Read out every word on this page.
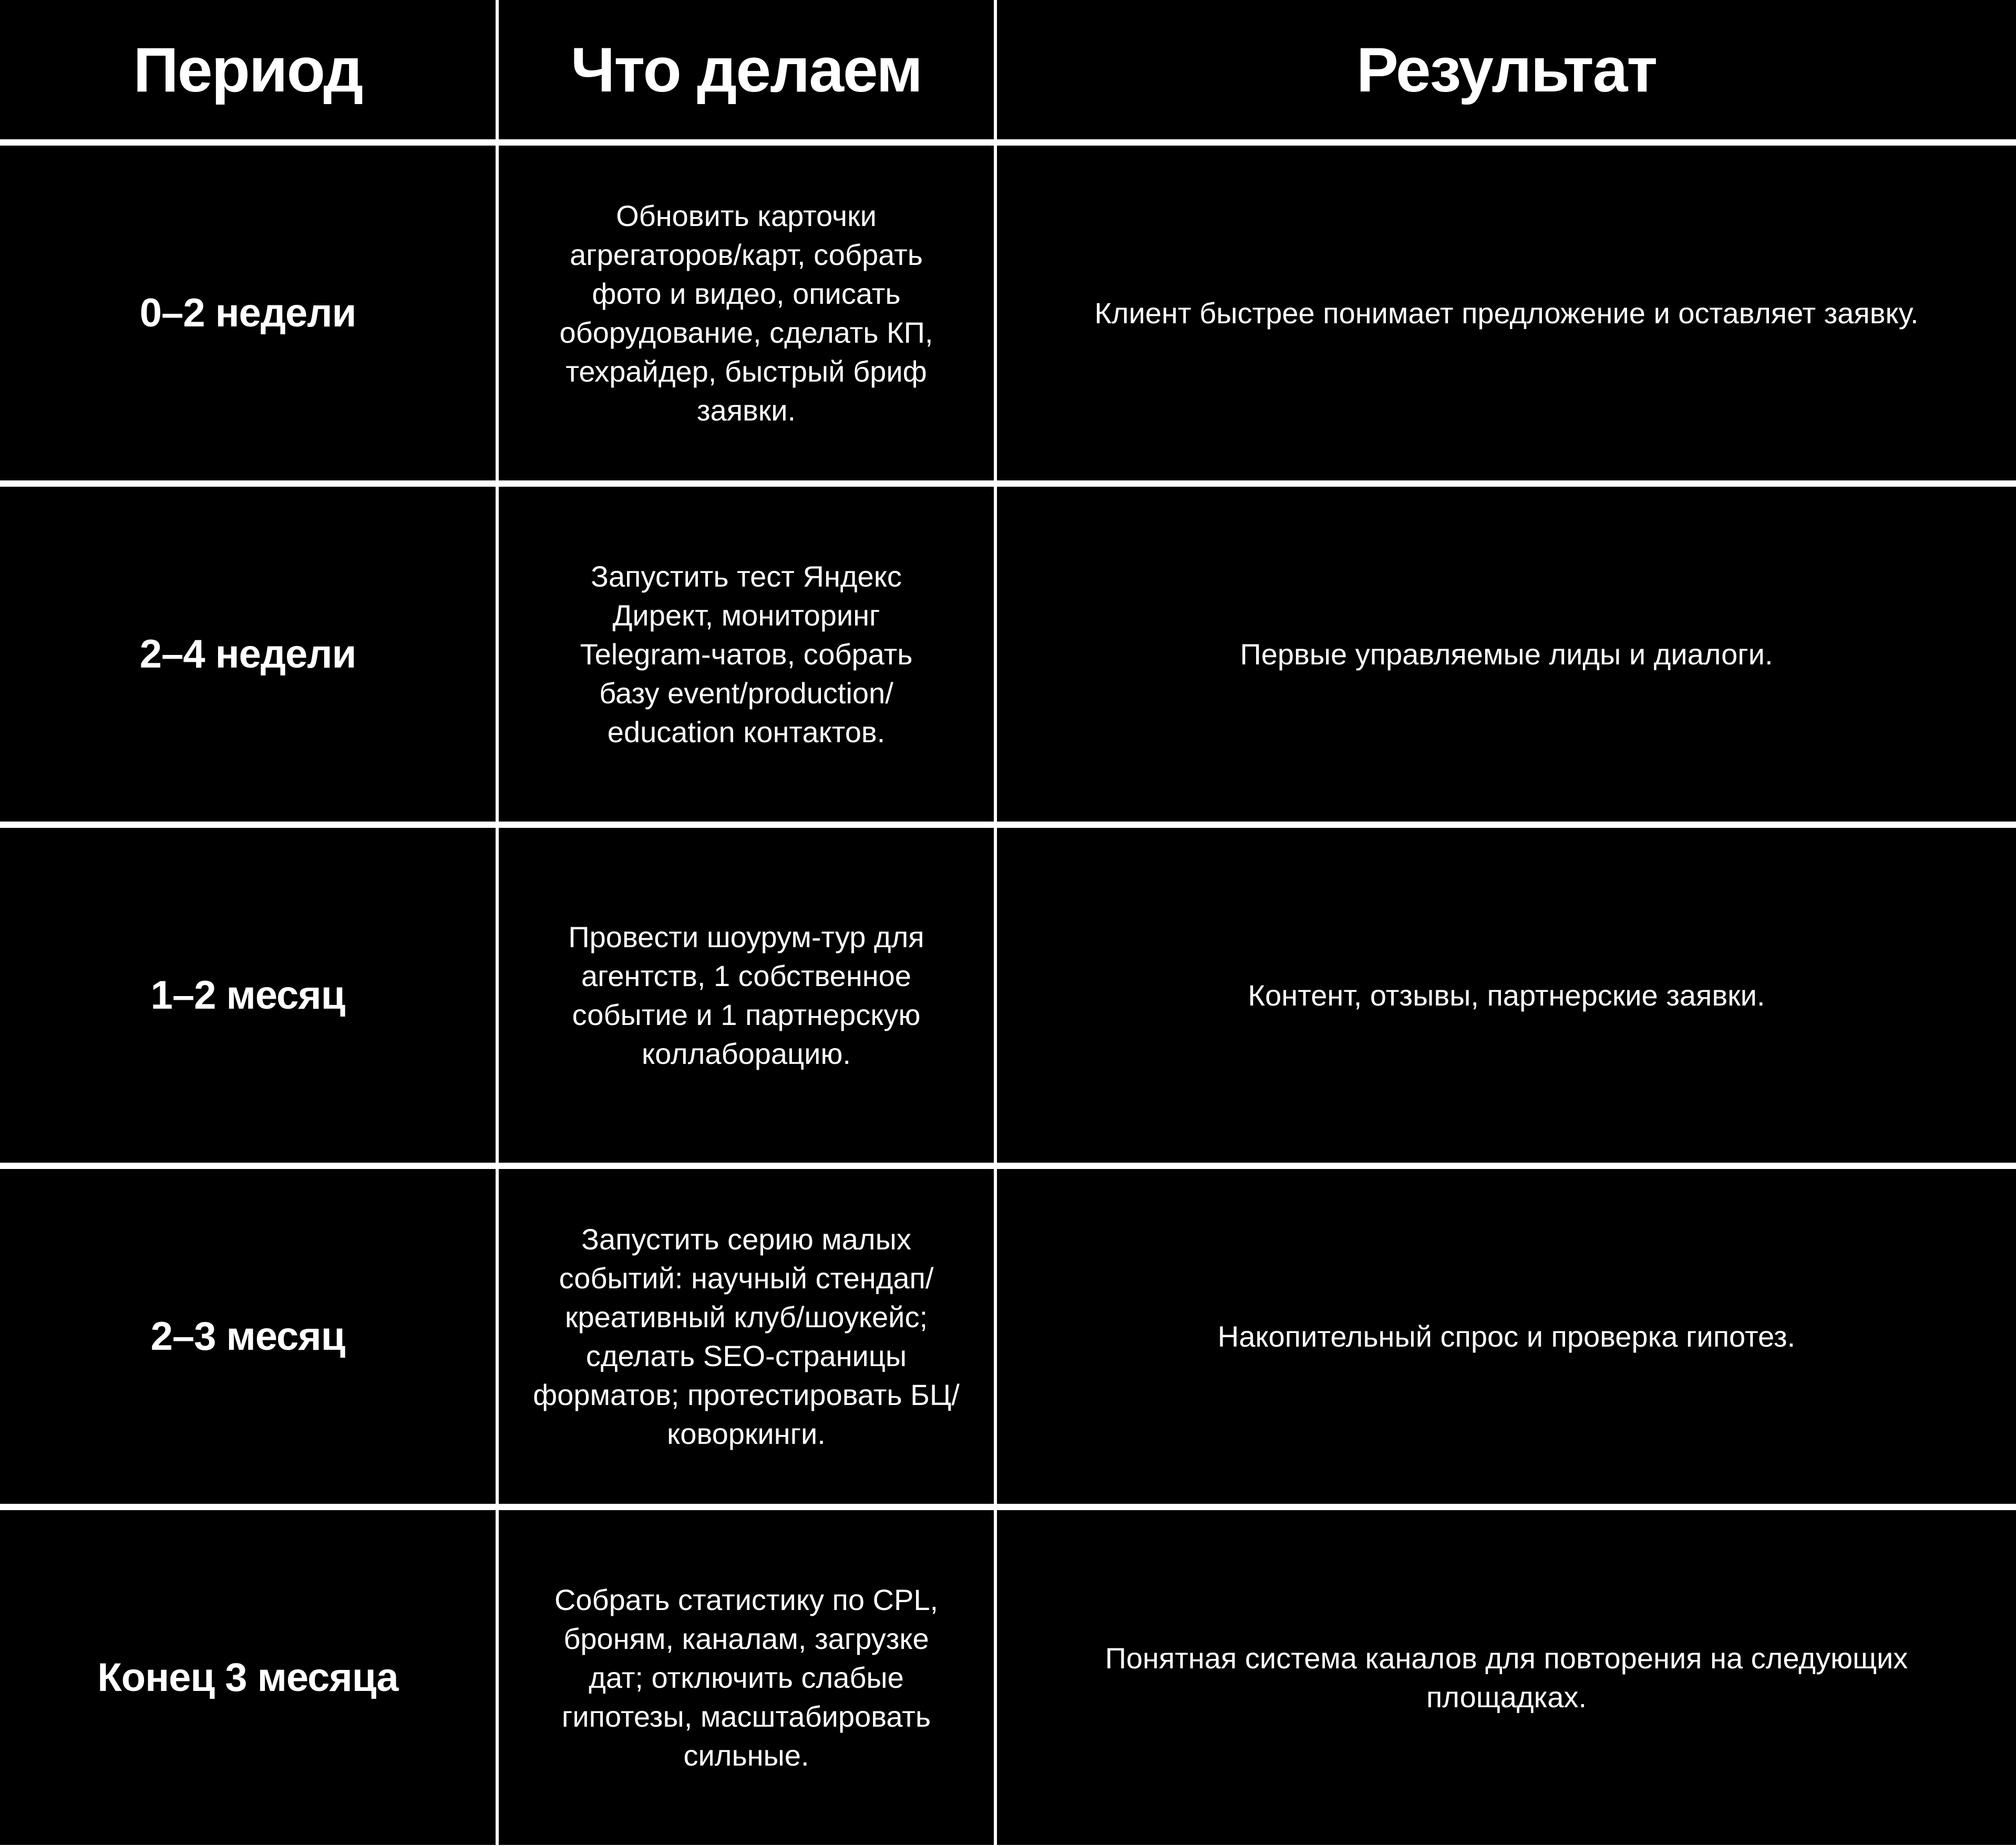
Период	Что делаем	Результат
0–2 недели
Обновить карточки агрегаторов/карт, собрать фото и видео, описать оборудование, сделать КП, техрайдер, быстрый бриф заявки.
Клиент быстрее понимает предложение и оставляет заявку.
2–4 недели
Запустить тест Яндекс Директ, мониторинг Telegram-чатов, собрать базу event/production/ education контактов.
Первые управляемые лиды и диалоги.
1–2 месяц
Провести шоурум-тур для агентств, 1 собственное событие и 1 партнерскую коллаборацию.
Контент, отзывы, партнерские заявки.
2–3 месяц
Запустить серию малых событий: научный стендап/ креативный клуб/шоукейс; сделать SEO-страницы форматов; протестировать БЦ/коворкинги.
Накопительный спрос и проверка гипотез.
Конец 3 месяца
Собрать статистику по CPL, броням, каналам, загрузке дат; отключить слабые гипотезы, масштабировать сильные.
Понятная система каналов для повторения на следующих площадках.
